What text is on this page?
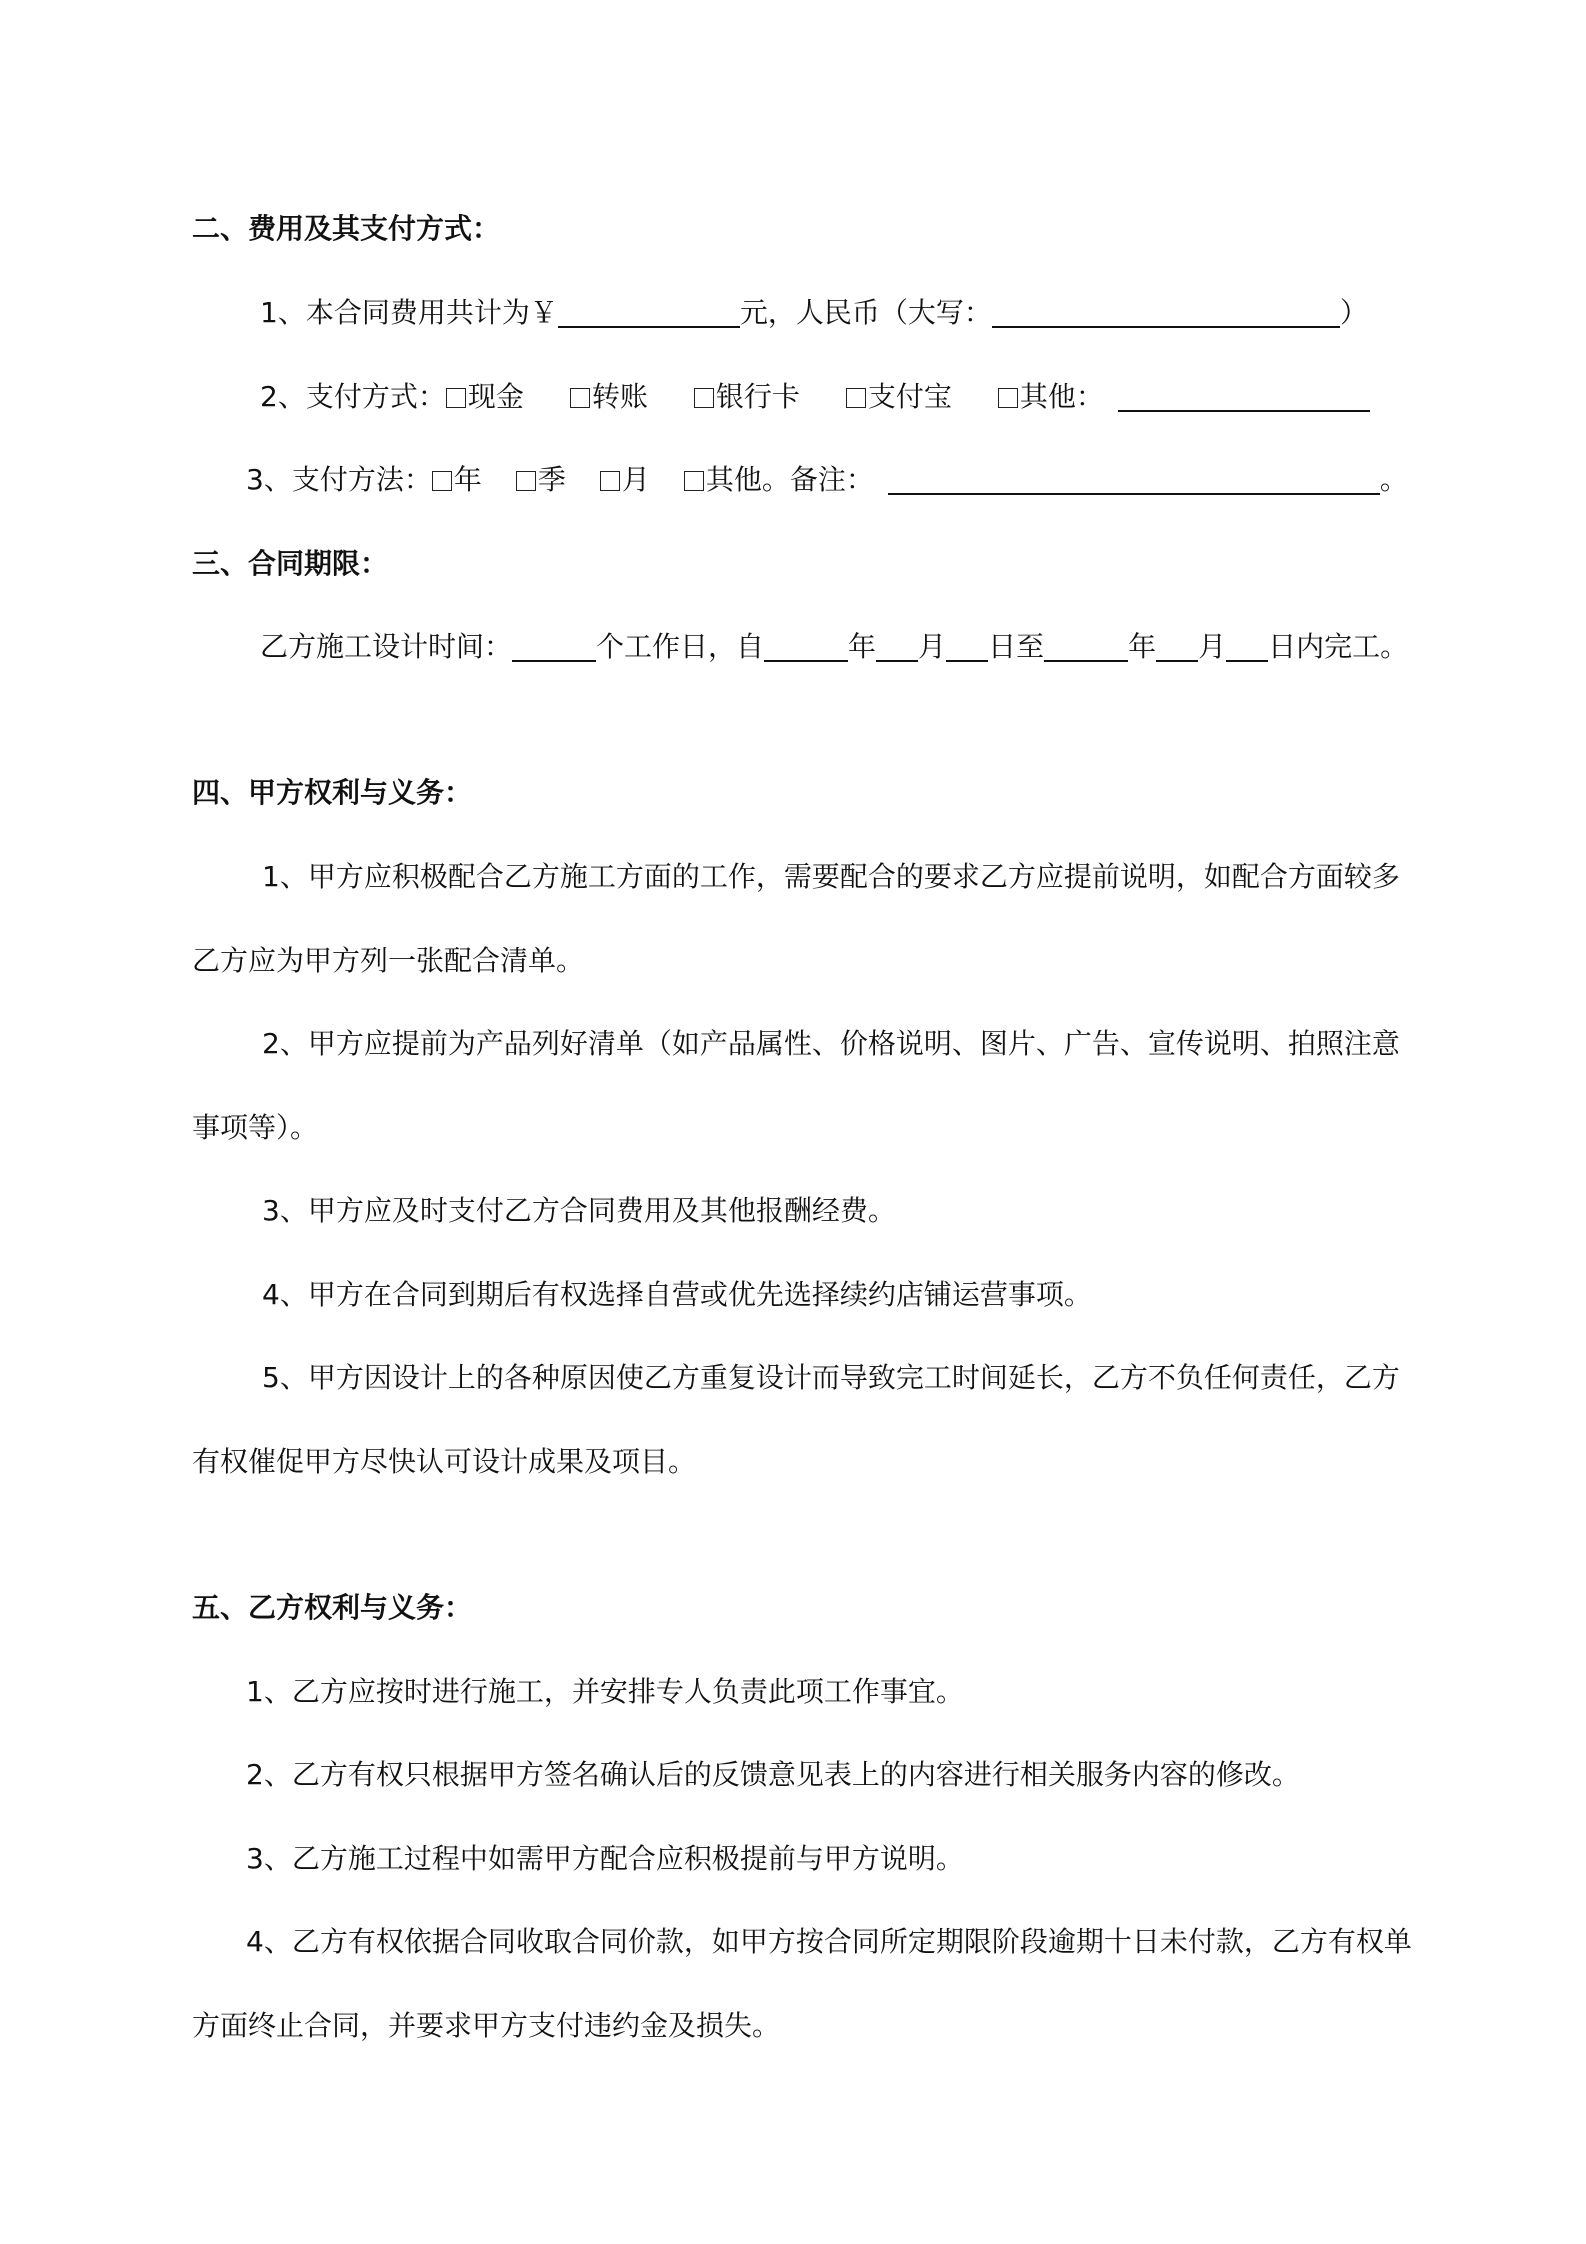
二、费用及其支付方式：
1、本合同费用共计为￥	元，人民币（大写：	）
2、支付方式： 现金 转账 银行卡 支付宝 其他：
3、支付方法： 年 季 月 其他。备注：	。
三、合同期限：
乙方施工设计时间：	个工作日，自	年 月 日至	年 月 日内完工。
四、甲方权利与义务：
1、甲方应积极配合乙方施工方面的工作，需要配合的要求乙方应提前说明，如配合方面较多
乙方应为甲方列一张配合清单。
2、甲方应提前为产品列好清单（如产品属性、价格说明、图片、广告、宣传说明、拍照注意
事项等）。
3、甲方应及时支付乙方合同费用及其他报酬经费。
4、甲方在合同到期后有权选择自营或优先选择续约店铺运营事项。
5、甲方因设计上的各种原因使乙方重复设计而导致完工时间延长，乙方不负任何责任，乙方
有权催促甲方尽快认可设计成果及项目。
五、乙方权利与义务：
1、乙方应按时进行施工，并安排专人负责此项工作事宜。
2、乙方有权只根据甲方签名确认后的反馈意见表上的内容进行相关服务内容的修改。
3、乙方施工过程中如需甲方配合应积极提前与甲方说明。
4、乙方有权依据合同收取合同价款，如甲方按合同所定期限阶段逾期十日未付款，乙方有权单
方面终止合同，并要求甲方支付违约金及损失。
